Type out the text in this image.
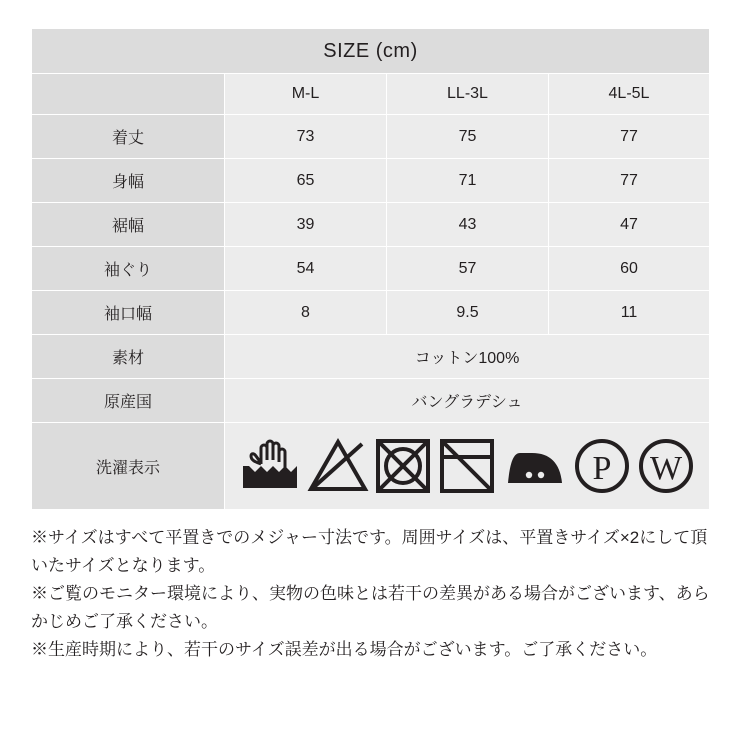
SIZE (cm)			
	M-L	LL-3L	4L-5L
着丈	73	75	77
身幅	65	71	77
裾幅	39	43	47
袖ぐり	54	57	60
袖口幅	8	9.5	11
素材	コットン100%		
原産国	バングラデシュ		
洗濯表示	P W		

※サイズはすべて平置きでのメジャー寸法です。周囲サイズは、平置きサイズ×2にして頂いたサイズとなります。

※ご覧のモニター環境により、実物の色味とは若干の差異がある場合がございます、あらかじめご了承ください。

※生産時期により、若干のサイズ誤差が出る場合がございます。ご了承ください。
